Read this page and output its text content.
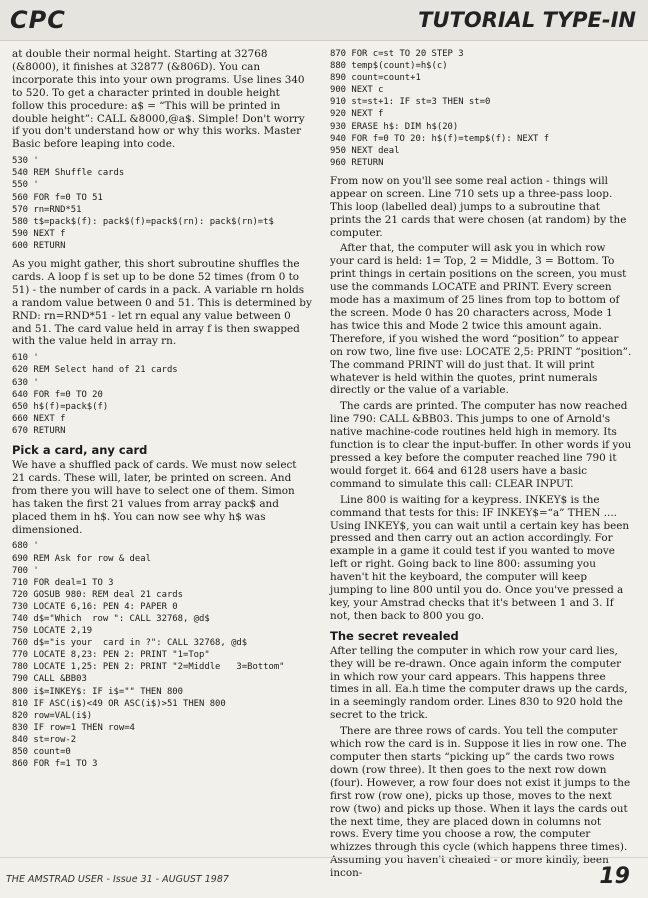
CPC	TUTORIAL TYPE-IN

at double their normal height. Starting at 32768 (&8000), it finishes at 32877 (&806D). You can incorporate this into your own programs. Use lines 340 to 520. To get a character printed in double height follow this procedure: a$ = “This will be printed in double height”: CALL &8000,@a$. Simple! Don't worry if you don't understand how or why this works. Master Basic before leaping into code.

530 '
540 REM Shuffle cards
550 '
560 FOR f=0 TO 51
570 rn=RND*51
580 t$=pack$(f): pack$(f)=pack$(rn): pack$(rn)=t$
590 NEXT f
600 RETURN

As you might gather, this short subroutine shuffles the cards. A loop f is set up to be done 52 times (from 0 to 51) - the number of cards in a pack. A variable rn holds a random value between 0 and 51. This is determined by RND: rn=RND*51 - let rn equal any value between 0 and 51. The card value held in array f is then swapped with the value held in array rn.

610 '
620 REM Select hand of 21 cards
630 '
640 FOR f=0 TO 20
650 h$(f)=pack$(f)
660 NEXT f
670 RETURN
Pick a card, any card

We have a shuffled pack of cards. We must now select 21 cards. These will, later, be printed on screen. And from there you will have to select one of them. Simon has taken the first 21 values from array pack$ and placed them in h$. You can now see why h$ was dimensioned.

680 '
690 REM Ask for row & deal
700 '
710 FOR deal=1 TO 3
720 GOSUB 980: REM deal 21 cards
730 LOCATE 6,16: PEN 4: PAPER 0
740 d$="Which  row ": CALL 32768, @d$
750 LOCATE 2,19
760 d$="is your  card in ?": CALL 32768, @d$
770 LOCATE 8,23: PEN 2: PRINT "1=Top"
780 LOCATE 1,25: PEN 2: PRINT "2=Middle   3=Bottom"
790 CALL &BB03
800 i$=INKEY$: IF i$="" THEN 800
810 IF ASC(i$)<49 OR ASC(i$)>51 THEN 800
820 row=VAL(i$)
830 IF row=1 THEN row=4
840 st=row-2
850 count=0
860 FOR f=1 TO 3
870 FOR c=st TO 20 STEP 3
880 temp$(count)=h$(c)
890 count=count+1
900 NEXT c
910 st=st+1: IF st=3 THEN st=0
920 NEXT f
930 ERASE h$: DIM h$(20)
940 FOR f=0 TO 20: h$(f)=temp$(f): NEXT f
950 NEXT deal
960 RETURN

From now on you'll see some real action - things will appear on screen. Line 710 sets up a three-pass loop. This loop (labelled deal) jumps to a subroutine that prints the 21 cards that were chosen (at random) by the computer.

After that, the computer will ask you in which row your card is held: 1= Top, 2 = Middle, 3 = Bottom. To print things in certain positions on the screen, you must use the commands LOCATE and PRINT. Every screen mode has a maximum of 25 lines from top to bottom of the screen. Mode 0 has 20 characters across, Mode 1 has twice this and Mode 2 twice this amount again. Therefore, if you wished the word “position” to appear on row two, line five use: LOCATE 2,5: PRINT “position”. The command PRINT will do just that. It will print whatever is held within the quotes, print numerals directly or the value of a variable.

The cards are printed. The computer has now reached line 790: CALL &BB03. This jumps to one of Arnold's native machine-code routines held high in memory. Its function is to clear the input-buffer. In other words if you pressed a key before the computer reached line 790 it would forget it. 664 and 6128 users have a basic command to simulate this call: CLEAR INPUT.

Line 800 is waiting for a keypress. INKEY$ is the command that tests for this: IF INKEY$=“a” THEN .... Using INKEY$, you can wait until a certain key has been pressed and then carry out an action accordingly. For example in a game it could test if you wanted to move left or right. Going back to line 800: assuming you haven't hit the keyboard, the computer will keep jumping to line 800 until you do. Once you've pressed a key, your Amstrad checks that it's between 1 and 3. If not, then back to 800 you go.

The secret revealed

After telling the computer in which row your card lies, they will be re-drawn. Once again inform the computer in which row your card appears. This happens three times in all. Ea.h time the computer draws up the cards, in a seemingly random order. Lines 830 to 920 hold the secret to the trick.

There are three rows of cards. You tell the computer which row the card is in. Suppose it lies in row one. The computer then starts “picking up” the cards two rows down (row three). It then goes to the next row down (four). However, a row four does not exist it jumps to the first row (row one), picks up those, moves to the next row (two) and picks up those. When it lays the cards out the next time, they are placed down in columns not rows. Every time you choose a row, the computer whizzes through this cycle (which happens three times). Assuming you haven't cheated - or more kindly, been incon-

THE AMSTRAD USER - Issue 31 - AUGUST 1987	19
